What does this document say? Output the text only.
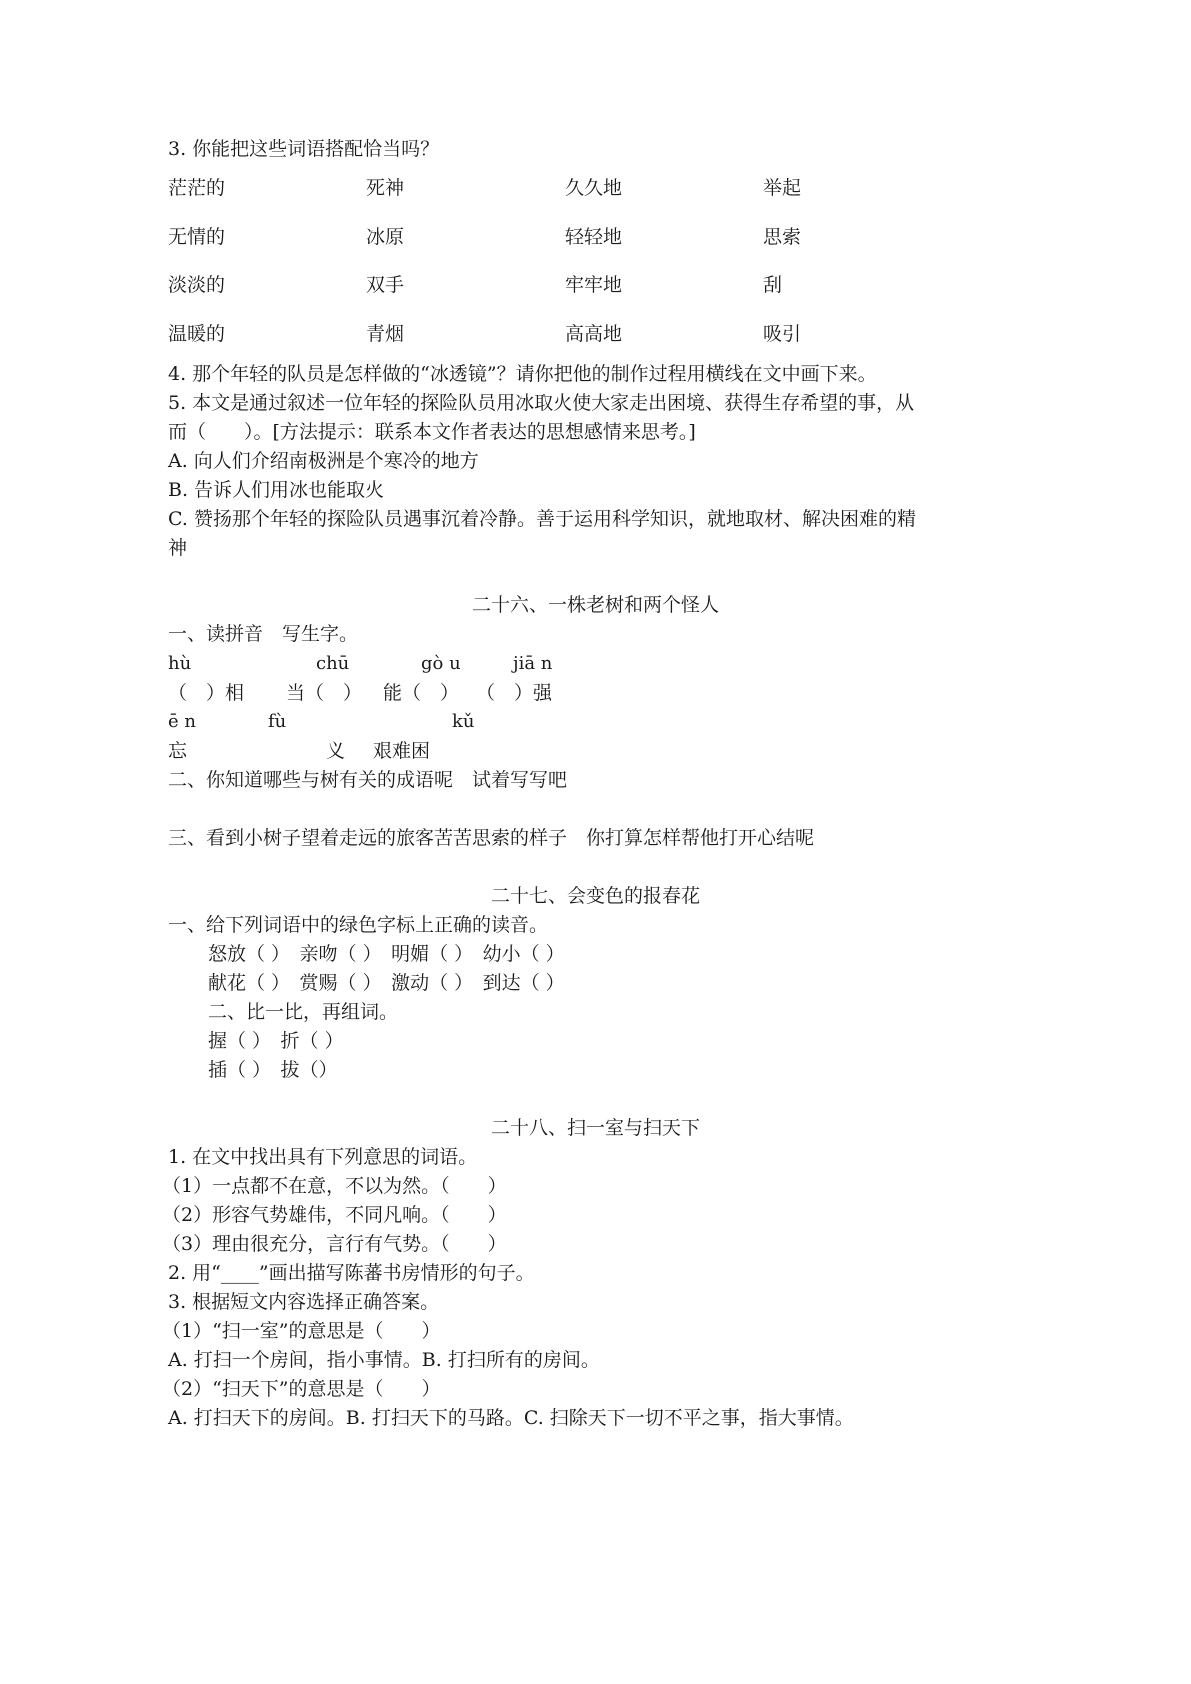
3. 你能把这些词语搭配恰当吗？
茫茫的	死神	久久地	举起
无情的	冰原	轻轻地	思索
淡淡的	双手	牢牢地	刮
温暖的	青烟	高高地	吸引
4. 那个年轻的队员是怎样做的“冰透镜”？请你把他的制作过程用横线在文中画下来。
5. 本文是通过叙述一位年轻的探险队员用冰取火使大家走出困境、获得生存希望的事，从
而（　　）。[方法提示：联系本文作者表达的思想感情来思考。]
A. 向人们介绍南极洲是个寒冷的地方
B. 告诉人们用冰也能取火
C. 赞扬那个年轻的探险队员遇事沉着冷静。善于运用科学知识，就地取材、解决困难的精
神
二十六、一株老树和两个怪人
一、读拼音　写生字。
hù	chū	gò u	jiā n
（　）相 当（　） 能（　） （　）强
ē n	fù	kǔ
忘	义 艰难困
二、你知道哪些与树有关的成语呢　试着写写吧
三、看到小树子望着走远的旅客苦苦思索的样子　你打算怎样帮他打开心结呢
二十七、会变色的报春花
一、给下列词语中的绿色字标上正确的读音。
怒放（ ）　亲吻（ ）　明媚（ ）　幼小（ ）
献花（ ）　赏赐（ ）　激动（ ）　到达（ ）
二、比一比，再组词。
握（ ）　折（ ）
插（ ）　拔（）
二十八、扫一室与扫天下
1. 在文中找出具有下列意思的词语。
（1）一点都不在意，不以为然。（　　）
（2）形容气势雄伟，不同凡响。（　　）
（3）理由很充分，言行有气势。（　　）
2. 用“____”画出描写陈蕃书房情形的句子。
3. 根据短文内容选择正确答案。
（1）“扫一室”的意思是（　　）
A. 打扫一个房间，指小事情。B. 打扫所有的房间。
（2）“扫天下”的意思是（　　）
A. 打扫天下的房间。B. 打扫天下的马路。C. 扫除天下一切不平之事，指大事情。
